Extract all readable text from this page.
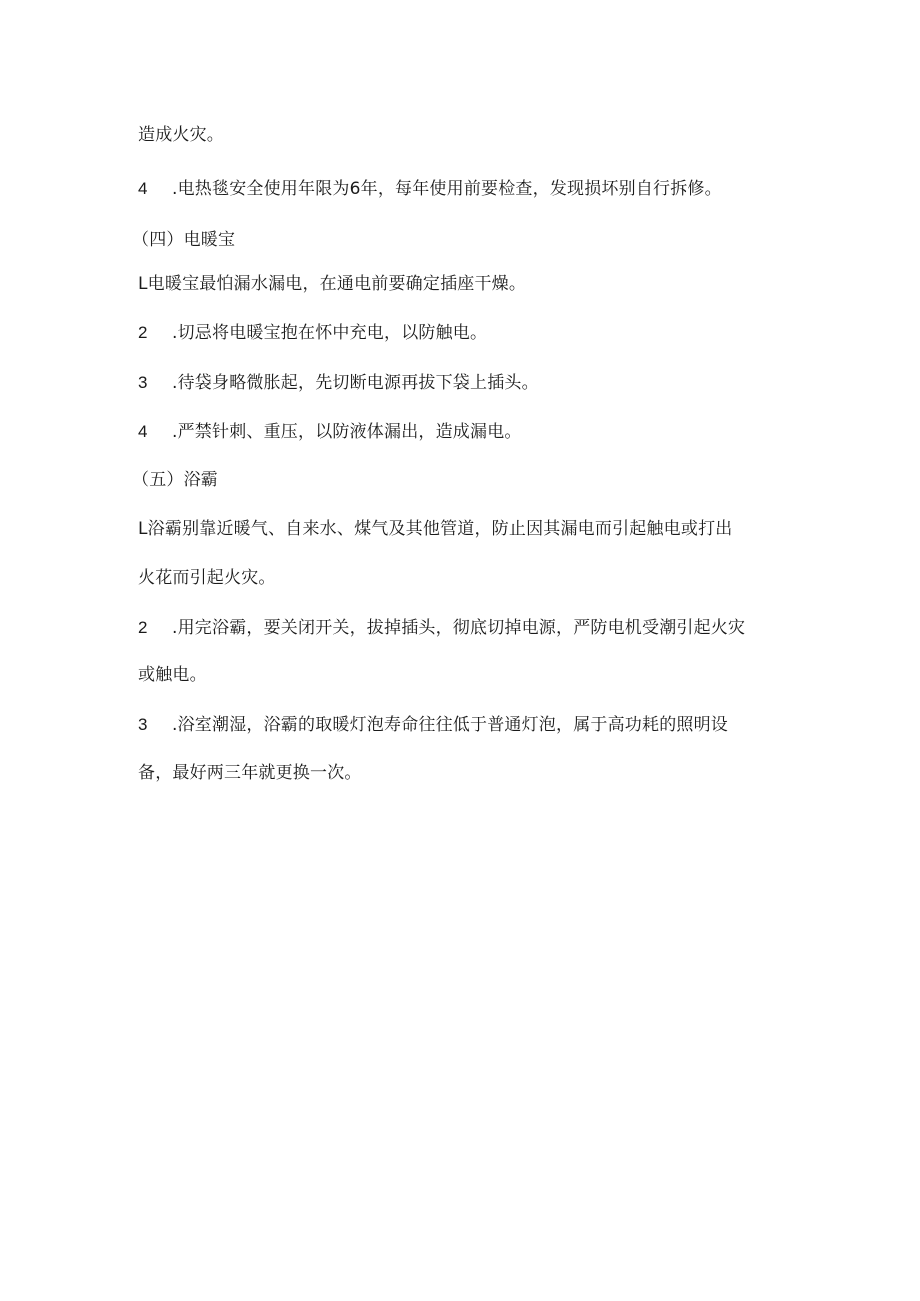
造成火灾。
4 .电热毯安全使用年限为6年，每年使用前要检查，发现损坏别自行拆修。
（四）电暖宝
L电暖宝最怕漏水漏电，在通电前要确定插座干燥。
2 .切忌将电暖宝抱在怀中充电，以防触电。
3 .待袋身略微胀起，先切断电源再拔下袋上插头。
4 .严禁针刺、重压，以防液体漏出，造成漏电。
（五）浴霸
L浴霸别靠近暖气、自来水、煤气及其他管道，防止因其漏电而引起触电或打出
火花而引起火灾。
2 .用完浴霸，要关闭开关，拔掉插头，彻底切掉电源，严防电机受潮引起火灾
或触电。
3 .浴室潮湿，浴霸的取暖灯泡寿命往往低于普通灯泡，属于高功耗的照明设
备，最好两三年就更换一次。
